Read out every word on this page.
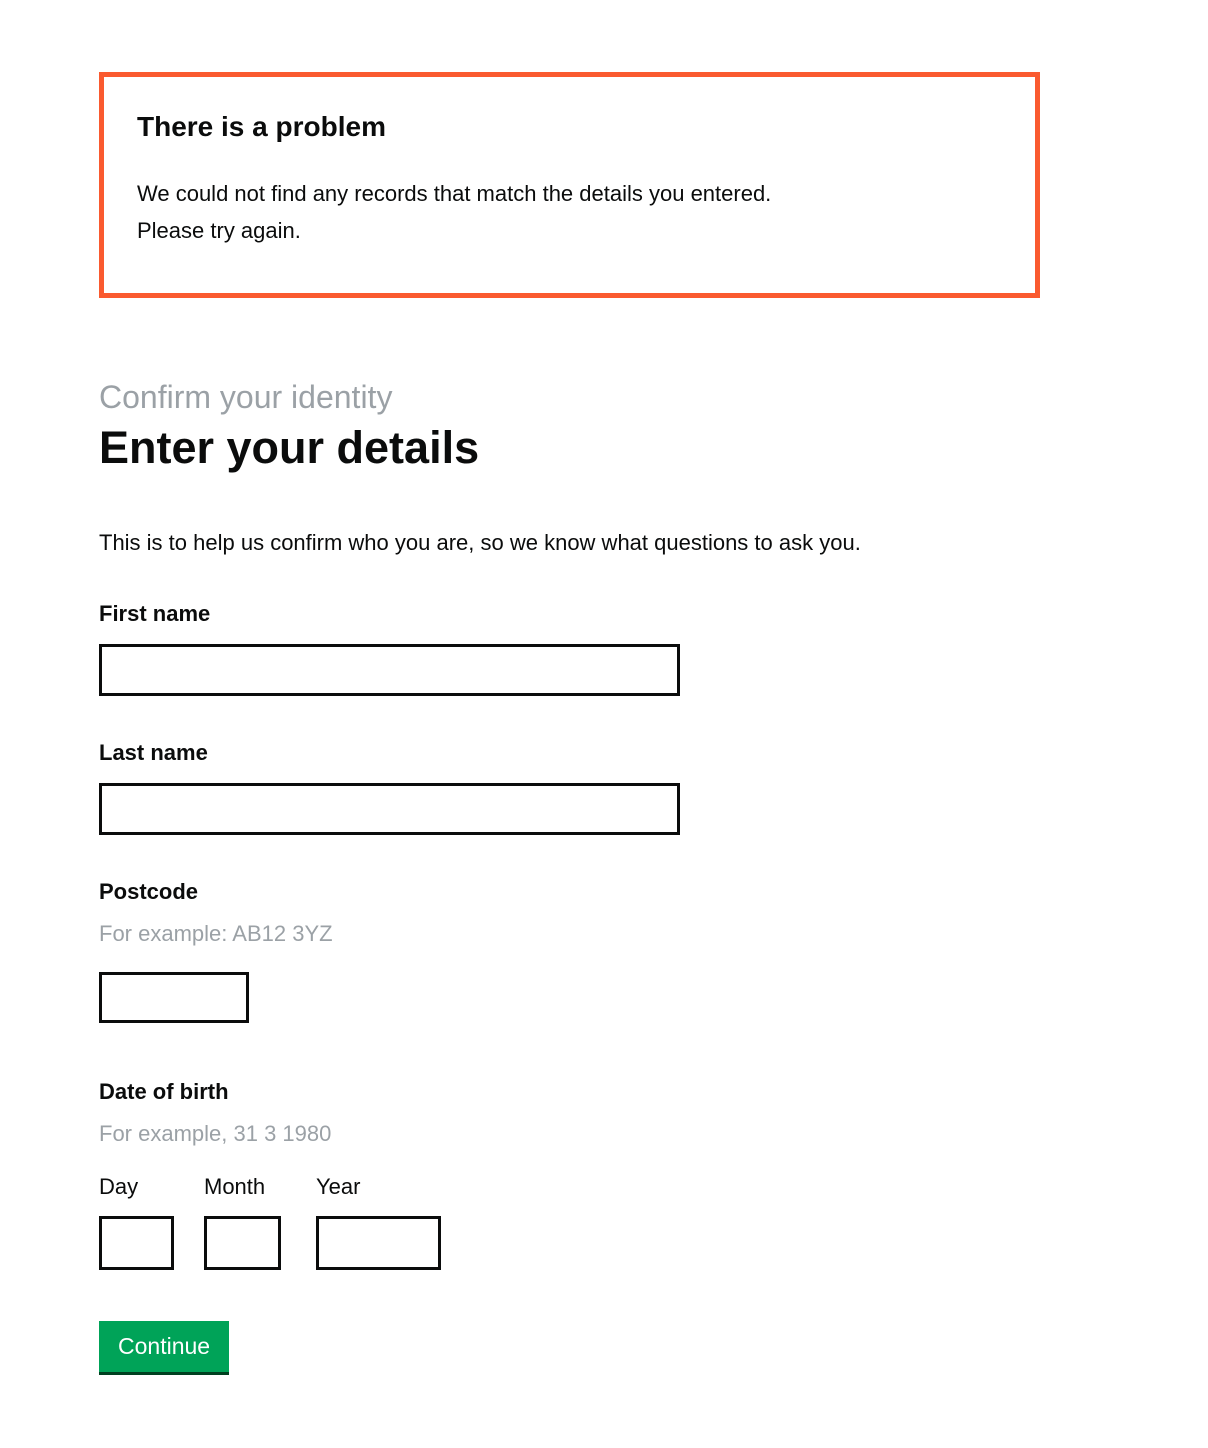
There is a problem
We could not find any records that match the details you entered.
Please try again.
Confirm your identity
Enter your details

This is to help us confirm who you are, so we know what questions to ask you.

First name
Last name
Postcode
For example: AB12 3YZ
Date of birth
For example, 31 3 1980
Day	Month	Year
Continue
